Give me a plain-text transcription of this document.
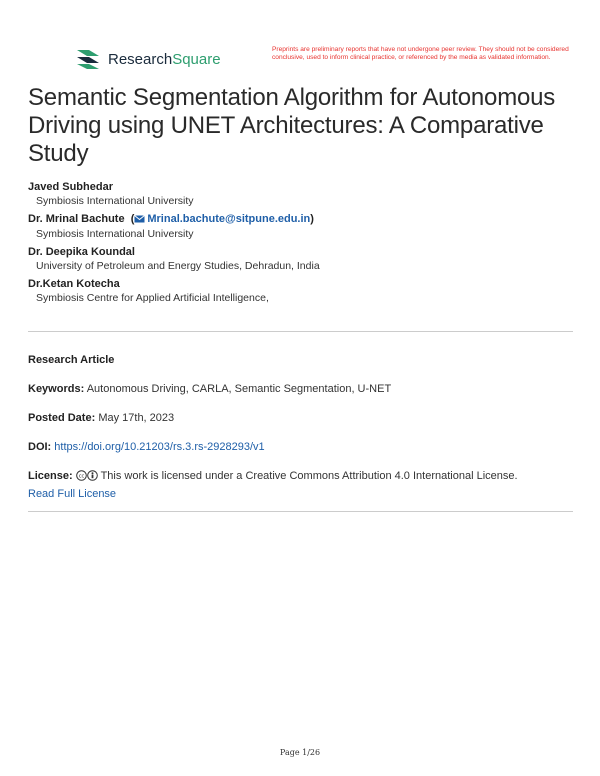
ResearchSquare
Preprints are preliminary reports that have not undergone peer review. They should not be considered conclusive, used to inform clinical practice, or referenced by the media as validated information.
Semantic Segmentation Algorithm for Autonomous Driving using UNET Architectures: A Comparative Study
Javed Subhedar
Symbiosis International University
Dr. Mrinal Bachute  ( Mrinal.bachute@sitpune.edu.in)
Symbiosis International University
Dr. Deepika Koundal
University of Petroleum and Energy Studies, Dehradun, India
Dr.Ketan Kotecha
Symbiosis Centre for Applied Artificial Intelligence,
Research Article
Keywords: Autonomous Driving, CARLA, Semantic Segmentation, U-NET
Posted Date: May 17th, 2023
DOI: https://doi.org/10.21203/rs.3.rs-2928293/v1
License: cc This work is licensed under a Creative Commons Attribution 4.0 International License.
Read Full License
Page 1/26
